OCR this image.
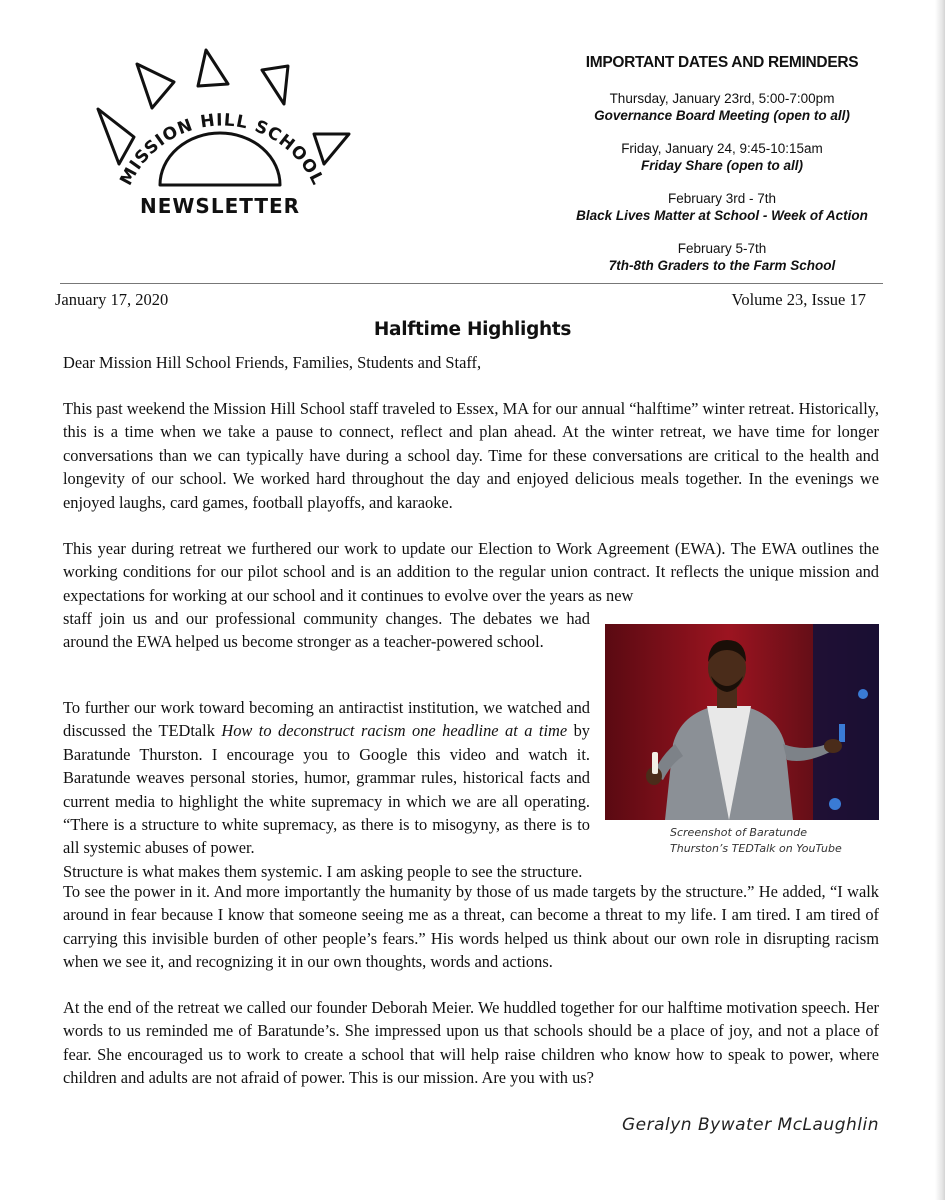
MISSION HILL SCHOOL
NEWSLETTER
IMPORTANT DATES AND REMINDERS
Thursday, January 23rd, 5:00-7:00pm
Governance Board Meeting (open to all)
Friday, January 24, 9:45-10:15am
Friday Share (open to all)
February 3rd - 7th
Black Lives Matter at School - Week of Action
February 5-7th
7th-8th Graders to the Farm School
January 17, 2020	Volume 23, Issue 17
Halftime Highlights
Dear Mission Hill School Friends, Families, Students and Staff,
This past weekend the Mission Hill School staff traveled to Essex, MA for our annual “halftime” winter retreat. Historically, this is a time when we take a pause to connect, reflect and plan ahead. At the winter retreat, we have time for longer conversations than we can typically have during a school day. Time for these conversations are critical to the health and longevity of our school. We worked hard throughout the day and enjoyed delicious meals together. In the evenings we enjoyed laughs, card games, football playoffs, and karaoke.
This year during retreat we furthered our work to update our Election to Work Agreement (EWA). The EWA outlines the working conditions for our pilot school and is an addition to the regular union contract. It reflects the unique mission and expectations for working at our school and it continues to evolve over the years as new
staff join us and our professional community changes. The debates we had around the EWA helped us become stronger as a teacher-powered school.
To further our work toward becoming an antiractist institution, we watched and discussed the TEDtalk How to deconstruct racism one headline at a time by Baratunde Thurston. I encourage you to Google this video and watch it. Baratunde weaves personal stories, humor, grammar rules, historical facts and current media to highlight the white supremacy in which we are all operating. “There is a structure to white supremacy, as there is to misogyny, as there is to all systemic abuses of power.
Structure is what makes them systemic. I am asking people to see the structure.
To see the power in it. And more importantly the humanity by those of us made targets by the structure.” He added, “I walk around in fear because I know that someone seeing me as a threat, can become a threat to my life. I am tired. I am tired of carrying this invisible burden of other people’s fears.” His words helped us think about our own role in disrupting racism when we see it, and recognizing it in our own thoughts, words and actions.
At the end of the retreat we called our founder Deborah Meier. We huddled together for our halftime motivation speech. Her words to us reminded me of Baratunde’s. She impressed upon us that schools should be a place of joy, and not a place of fear. She encouraged us to work to create a school that will help raise children who know how to speak to power, where children and adults are not afraid of power. This is our mission. Are you with us?
Screenshot of Baratunde
Thurston’s TEDTalk on YouTube
Geralyn Bywater McLaughlin
